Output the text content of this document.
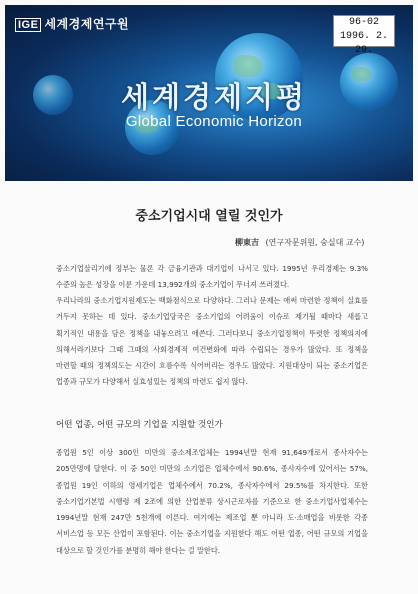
IGE 세계경제연구원	96-02
1996. 2. 29.
세계경제지평
Global Economic Horizon
중소기업시대 열릴 것인가
柳東吉 (연구자문위원, 숭실대 교수)
중소기업살리기에 정부는 물론 각 금융기관과 대기업이 나서고 있다. 1995년 우리경제는 9.3% 수준의 높은 성장을 이룬 가운데 13,992개의 중소기업이 무너져 쓰러졌다.
우리나라의 중소기업지원제도는 백화점식으로 다양하다. 그러나 문제는 애써 마련한 정책이 실효를 거두지 못하는 데 있다. 중소기업당국은 중소기업의 어려움이 이슈로 제기될 때마다 새롭고 획기적인 내용을 담은 정책을 내놓으려고 애쓴다. 그러다보니 중소기업정책이 뚜렷한 정책의지에 의해서라기보다 그때 그때의 사회경제적 여건변화에 따라 수립되는 경우가 많았다. 또 정책을 마련할 때의 정책의도는 시간이 흐름수록 식어버리는 경우도 많았다. 지원대상이 되는 중소기업은 업종과 규모가 다양해서 실효성있는 정책의 마련도 쉽지 않다.
어떤 업종, 어떤 규모의 기업을 지원할 것인가
종업원 5인 이상 300인 미만의 중소제조업체는 1994년말 현재 91,649개로서 종사자수는 205만명에 달한다. 이 중 50인 미만의 소기업은 업체수에서 90.6%, 종사자수에 있어서는 57%, 종업원 19인 이하의 영세기업은 업체수에서 70.2%, 종사자수에서 29.5%를 차지한다. 또한 중소기업기본법 시행령 제 2조에 의한 산업분류 상시근로자를 기준으로 한 중소기업사업체수는 1994년말 현재 247만 5천개에 이른다. 여기에는 제조업 뿐 아니라 도·소매업을 비롯한 각종 서비스업 등 모든 산업이 포함된다. 이는 중소기업을 지원한다 해도 어떤 업종, 어떤 규모의 기업을 대상으로 할 것인가를 분명히 해야 한다는 걸 말한다.
